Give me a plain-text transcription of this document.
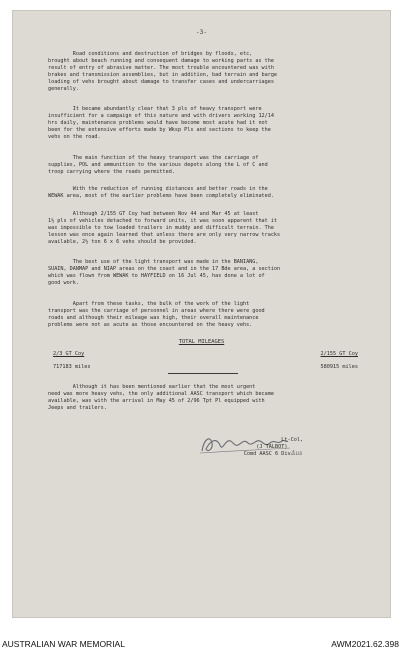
-3-
Road conditions and destruction of bridges by floods, etc,
brought about beach running and consequent damage to working parts as the
result of entry of abrasive matter. The most trouble encountered was with
brakes and transmission assemblies, but in addition, bad terrain and barge
loading of vehs brought about damage to transfer cases and undercarriages
generally.
It became abundantly clear that 3 pls of heavy transport were
insufficient for a campaign of this nature and with drivers working 12/14
hrs daily, maintenance problems would have become most acute had it not
been for the extensive efforts made by Wksp Pls and sections to keep the
vehs on the road.
The main function of the heavy transport was the carriage of
supplies, POL and ammunition to the various depots along the L of C and
troop carrying where the roads permitted.
With the reduction of running distances and better roads in the
WEWAK area, most of the earlier problems have been completely eliminated.
Although 2/155 GT Coy had between Nov 44 and Mar 45 at least
1½ pls of vehicles detached to forward units, it was soon apparent that it
was impossible to tow loaded trailers in muddy and difficult terrain. The
lesson was once again learned that unless there are only very narrow tracks
available, 2½ ton 6 x 6 vehs should be provided.
The best use of the light transport was made in the BANIANG,
SUAIN, DANMAP and NIAP areas on the coast and in the 17 Bde area, a section
which was flown from WEWAK to HAYFIELD on 16 Jul 45, has done a lot of
good work.
Apart from these tasks, the bulk of the work of the light
transport was the carriage of personnel in areas where there were good
roads and although their mileage was high, their overall maintenance
problems were not as acute as those encountered on the heavy vehs.
TOTAL MILEAGES
2/3 GT Coy
717183 miles
2/155 GT Coy
580915 miles
Although it has been mentioned earlier that the most urgent
need was more heavy vehs, the only additional AASC transport which became
available, was with the arrival in May 45 of 2/96 Tpt Pl equipped with
Jeeps and trailers.
Aus
Lt-Col,
(J TALBOT)
Comd AASC 6 Div.
AUSTRALIAN WAR MEMORIAL	AWM2021.62.398
